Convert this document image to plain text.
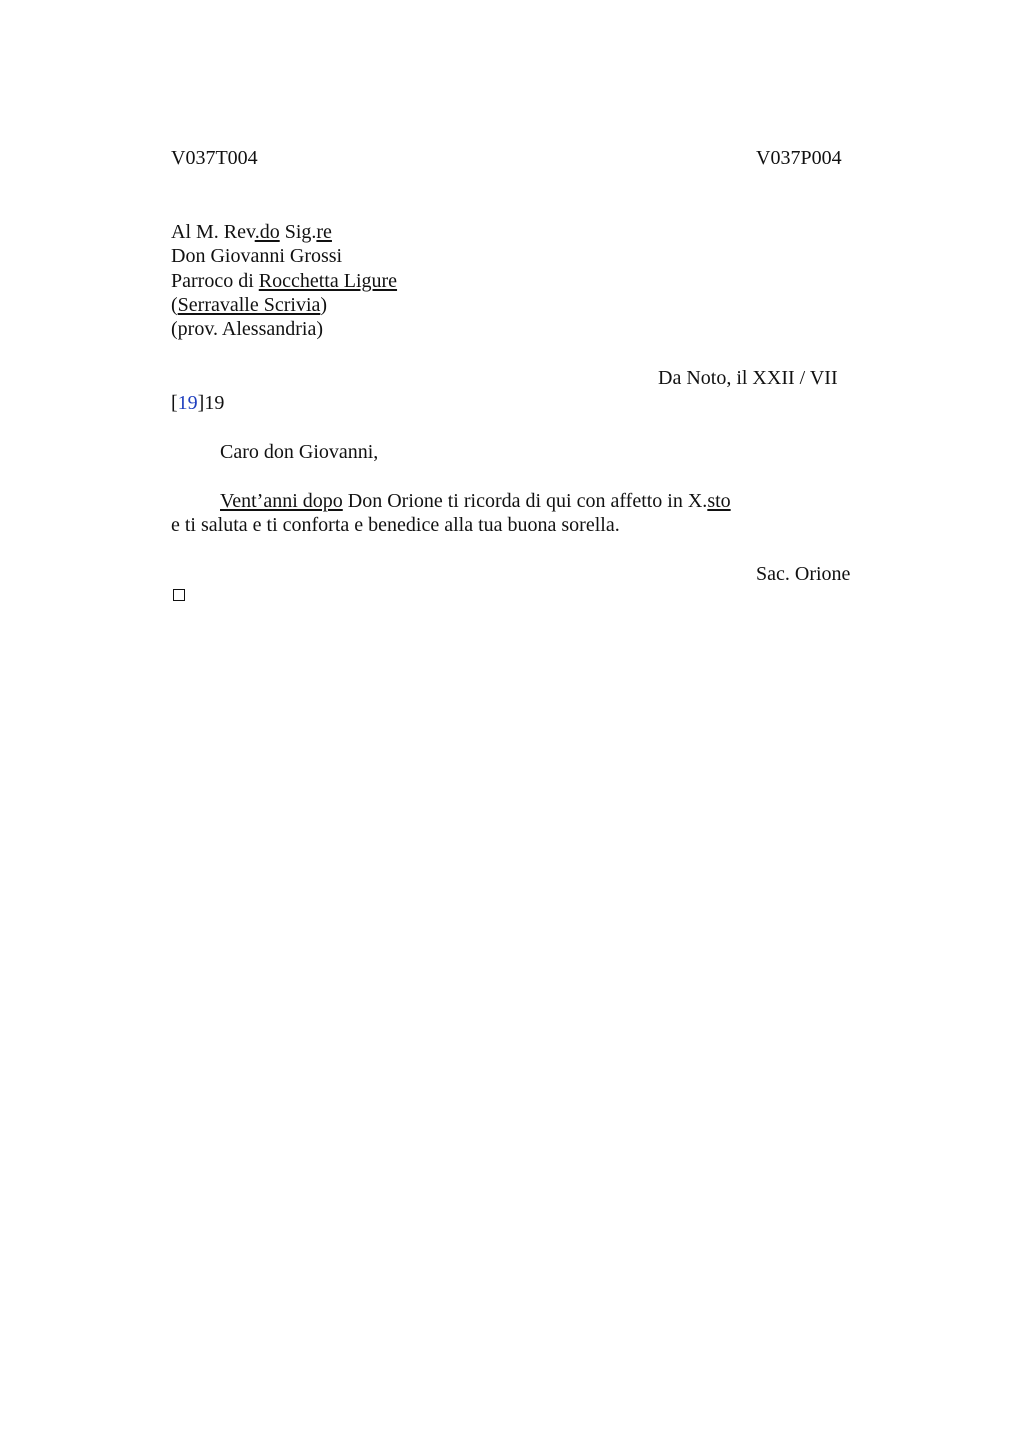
V037T004	V037P004
Al M. Rev.do Sig.re
Don Giovanni Grossi
Parroco di Rocchetta Ligure
(Serravalle Scrivia)
(prov. Alessandria)
Da Noto, il XXII / VII
[19]19
Caro don Giovanni,
Vent’anni dopo Don Orione ti ricorda di qui con affetto in X.sto
e ti saluta e ti conforta e benedice alla tua buona sorella.
Sac. Orione
